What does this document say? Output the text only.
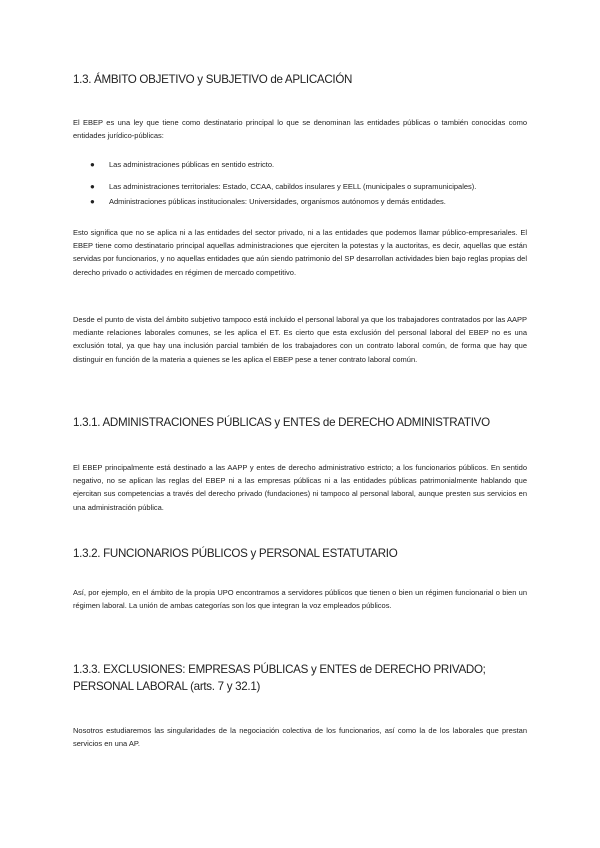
1.3. ÁMBITO OBJETIVO y SUBJETIVO de APLICACIÓN
El EBEP es una ley que tiene como destinatario principal lo que se denominan las entidades públicas o también conocidas como entidades jurídico-públicas:
● Las administraciones públicas en sentido estricto.
● Las administraciones territoriales: Estado, CCAA, cabildos insulares y EELL (municipales o supramunicipales).
● Administraciones públicas institucionales: Universidades, organismos autónomos y demás entidades.
Esto significa que no se aplica ni a las entidades del sector privado, ni a las entidades que podemos llamar público-empresariales. El EBEP tiene como destinatario principal aquellas administraciones que ejerciten la potestas y la auctoritas, es decir, aquellas que están servidas por funcionarios, y no aquellas entidades que aún siendo patrimonio del SP desarrollan actividades bien bajo reglas propias del derecho privado o actividades en régimen de mercado competitivo.
Desde el punto de vista del ámbito subjetivo tampoco está incluido el personal laboral ya que los trabajadores contratados por las AAPP mediante relaciones laborales comunes, se les aplica el ET. Es cierto que esta exclusión del personal laboral del EBEP no es una exclusión total, ya que hay una inclusión parcial también de los trabajadores con un contrato laboral común, de forma que hay que distinguir en función de la materia a quienes se les aplica el EBEP pese a tener contrato laboral común.
1.3.1. ADMINISTRACIONES PÚBLICAS y ENTES de DERECHO ADMINISTRATIVO
El EBEP principalmente está destinado a las AAPP y entes de derecho administrativo estricto; a los funcionarios públicos. En sentido negativo, no se aplican las reglas del EBEP ni a las empresas públicas ni a las entidades públicas patrimonialmente hablando que ejercitan sus competencias a través del derecho privado (fundaciones) ni tampoco al personal laboral, aunque presten sus servicios en una administración pública.
1.3.2. FUNCIONARIOS PÚBLICOS y PERSONAL ESTATUTARIO
Así, por ejemplo, en el ámbito de la propia UPO encontramos a servidores públicos que tienen o bien un régimen funcionarial o bien un régimen laboral. La unión de ambas categorías son los que integran la voz empleados públicos.
1.3.3. EXCLUSIONES: EMPRESAS PÚBLICAS y ENTES de DERECHO PRIVADO; PERSONAL LABORAL (arts. 7 y 32.1)
Nosotros estudiaremos las singularidades de la negociación colectiva de los funcionarios, así como la de los laborales que prestan servicios en una AP.
